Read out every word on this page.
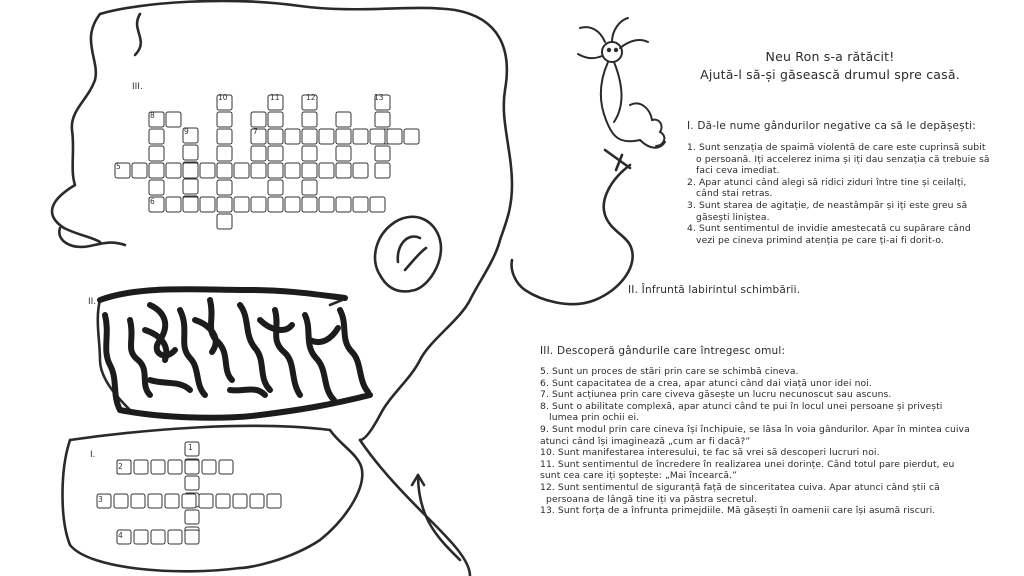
III.
5
6
7
8
9
10	11	12	13
II.
I.
1
2
3
4
Neu Ron s-a rătăcit!
Ajută-l să-și găsească drumul spre casă.
I. Dă-le nume gândurilor negative ca să le depășești:
1. Sunt senzația de spaimă violentă de care este cuprinsă subit
o persoană. Iți accelerez inima și iți dau senzația că trebuie să
faci ceva imediat.
2. Apar atunci când alegi să ridici ziduri între tine și ceilalți,
când stai retras.
3. Sunt starea de agitație, de neastâmpăr și iți este greu să
găsești liniștea.
4. Sunt sentimentul de invidie amestecată cu supărare când
vezi pe cineva primind atenția pe care ți-ai fi dorit-o.
II. Înfruntă labirintul schimbării.
III. Descoperă gândurile care întregesc omul:
5. Sunt un proces de stări prin care se schimbă cineva.
6. Sunt capacitatea de a crea, apar atunci când dai viață unor idei noi.
7. Sunt acțiunea prin care civeva găsește un lucru necunoscut sau ascuns.
8. Sunt o abilitate complexă, apar atunci când te pui în locul unei persoane și privești
lumea prin ochii ei.
9. Sunt modul prin care cineva își închipuie, se lăsa în voia gândurilor. Apar în mintea cuiva
atunci când își imaginează „cum ar fi dacă?”
10. Sunt manifestarea interesului, te fac să vrei să descoperi lucruri noi.
11. Sunt sentimentul de încredere în realizarea unei dorințe. Când totul pare pierdut, eu
sunt cea care iți șoptește: „Mai încearcă.”
12. Sunt sentimentul de siguranță față de sinceritatea cuiva. Apar atunci când știi că
persoana de lângă tine iți va păstra secretul.
13. Sunt forța de a înfrunta primejdiile. Mă găsești în oamenii care își asumă riscuri.
